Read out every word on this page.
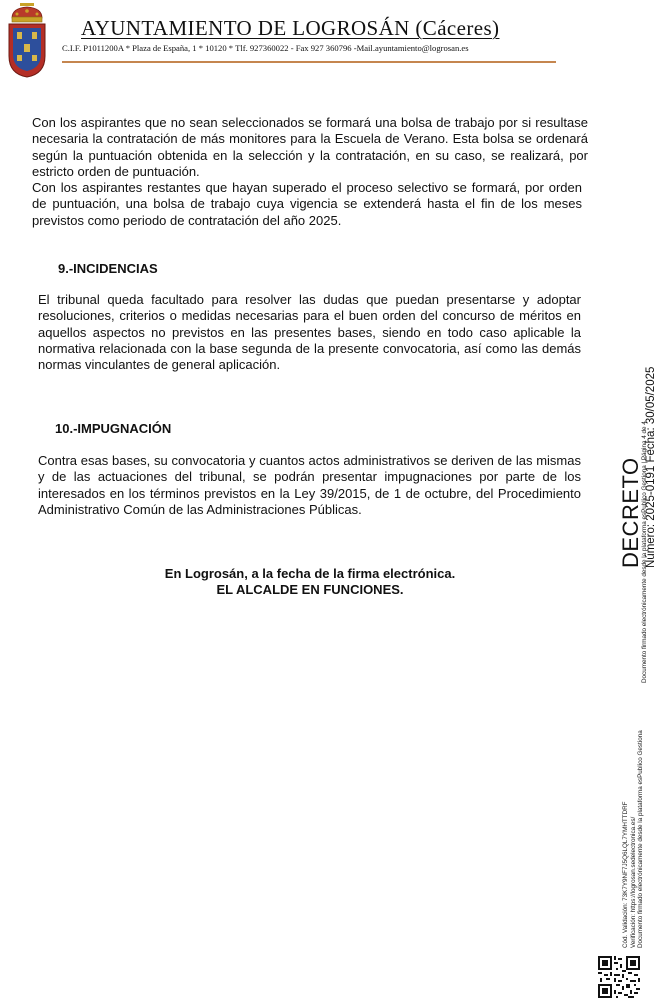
AYUNTAMIENTO DE LOGROSÁN (Cáceres)
C.I.F. P1011200A * Plaza de España, 1 * 10120 * Tlf. 927360022 - Fax 927 360796 -Mail.ayuntamiento@logrosan.es

Con los aspirantes que no sean seleccionados se formará una bolsa de trabajo por si resultase necesaria la contratación de más monitores para la Escuela de Verano. Esta bolsa se ordenará según la puntuación obtenida en la selección y la contratación, en su caso, se realizará, por estricto orden de puntuación.

Con los aspirantes restantes que hayan superado el proceso selectivo se formará, por orden de puntuación, una bolsa de trabajo cuya vigencia se extenderá hasta el fin de los meses previstos como periodo de contratación del año 2025.

9.-INCIDENCIAS

El tribunal queda facultado para resolver las dudas que puedan presentarse y adoptar resoluciones, criterios o medidas necesarias para el buen orden del concurso de méritos en aquellos aspectos no previstos en las presentes bases, siendo en todo caso aplicable la normativa relacionada con la base segunda de la presente convocatoria, así como las demás normas vinculantes de general aplicación.

10.-IMPUGNACIÓN

Contra esas bases, su convocatoria y cuantos actos administrativos se deriven de las mismas y de las actuaciones del tribunal, se podrán presentar impugnaciones por parte de los interesados en los términos previstos en la Ley 39/2015, de 1 de octubre, del Procedimiento Administrativo Común de las Administraciones Públicas.

En Logrosán, a la fecha de la firma electrónica.
EL ALCALDE EN FUNCIONES.
DECRETO Número: 2025-0191 Fecha: 30/05/2025
Documento firmado electrónicamente desde la plataforma esPublico Gestiona | Página 4 de 4
Cód. Validación: 73K7Y9NF7J5Q6LQL7YMHTTDRF Verificación: https://logrosan.sedelectronica.es/ Documento firmado electrónicamente desde la plataforma esPublico Gestiona
